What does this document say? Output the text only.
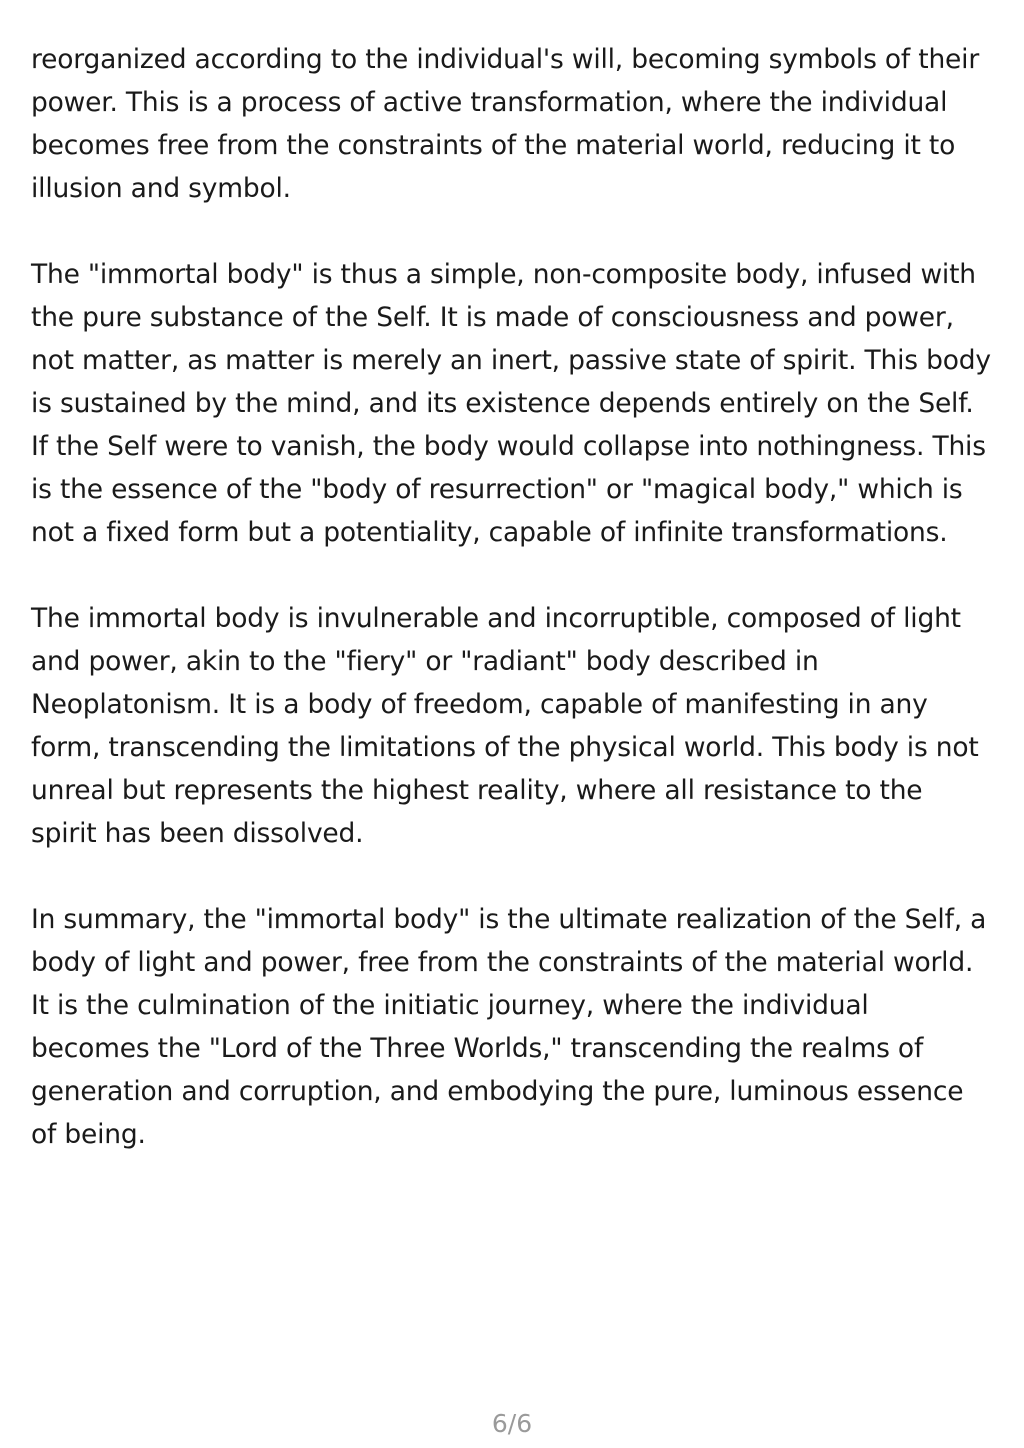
reorganized according to the individual's will, becoming symbols of their power. This is a process of active transformation, where the individual becomes free from the constraints of the material world, reducing it to illusion and symbol.

The "immortal body" is thus a simple, non-composite body, infused with the pure substance of the Self. It is made of consciousness and power, not matter, as matter is merely an inert, passive state of spirit. This body is sustained by the mind, and its existence depends entirely on the Self. If the Self were to vanish, the body would collapse into nothingness. This is the essence of the "body of resurrection" or "magical body," which is not a fixed form but a potentiality, capable of infinite transformations.

The immortal body is invulnerable and incorruptible, composed of light and power, akin to the "fiery" or "radiant" body described in Neoplatonism. It is a body of freedom, capable of manifesting in any form, transcending the limitations of the physical world. This body is not unreal but represents the highest reality, where all resistance to the spirit has been dissolved.

In summary, the "immortal body" is the ultimate realization of the Self, a body of light and power, free from the constraints of the material world. It is the culmination of the initiatic journey, where the individual becomes the "Lord of the Three Worlds," transcending the realms of generation and corruption, and embodying the pure, luminous essence of being.

6/6
